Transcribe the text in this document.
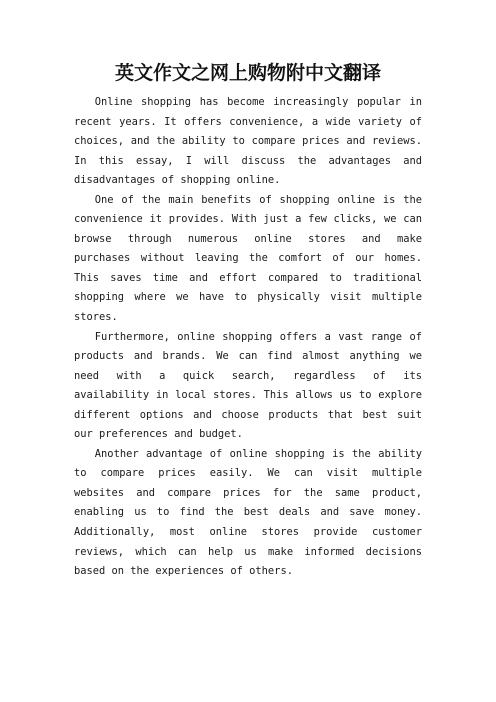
英文作文之网上购物附中文翻译

Online shopping has become increasingly popular in recent years. It offers convenience, a wide variety of choices, and the ability to compare prices and reviews. In this essay, I will discuss the advantages and disadvantages of shopping online.

One of the main benefits of shopping online is the convenience it provides. With just a few clicks, we can browse through numerous online stores and make purchases without leaving the comfort of our homes. This saves time and effort compared to traditional shopping where we have to physically visit multiple stores.

Furthermore, online shopping offers a vast range of products and brands. We can find almost anything we need with a quick search, regardless of its availability in local stores. This allows us to explore different options and choose products that best suit our preferences and budget.

Another advantage of online shopping is the ability to compare prices easily. We can visit multiple websites and compare prices for the same product, enabling us to find the best deals and save money. Additionally, most online stores provide customer reviews, which can help us make informed decisions based on the experiences of others.
